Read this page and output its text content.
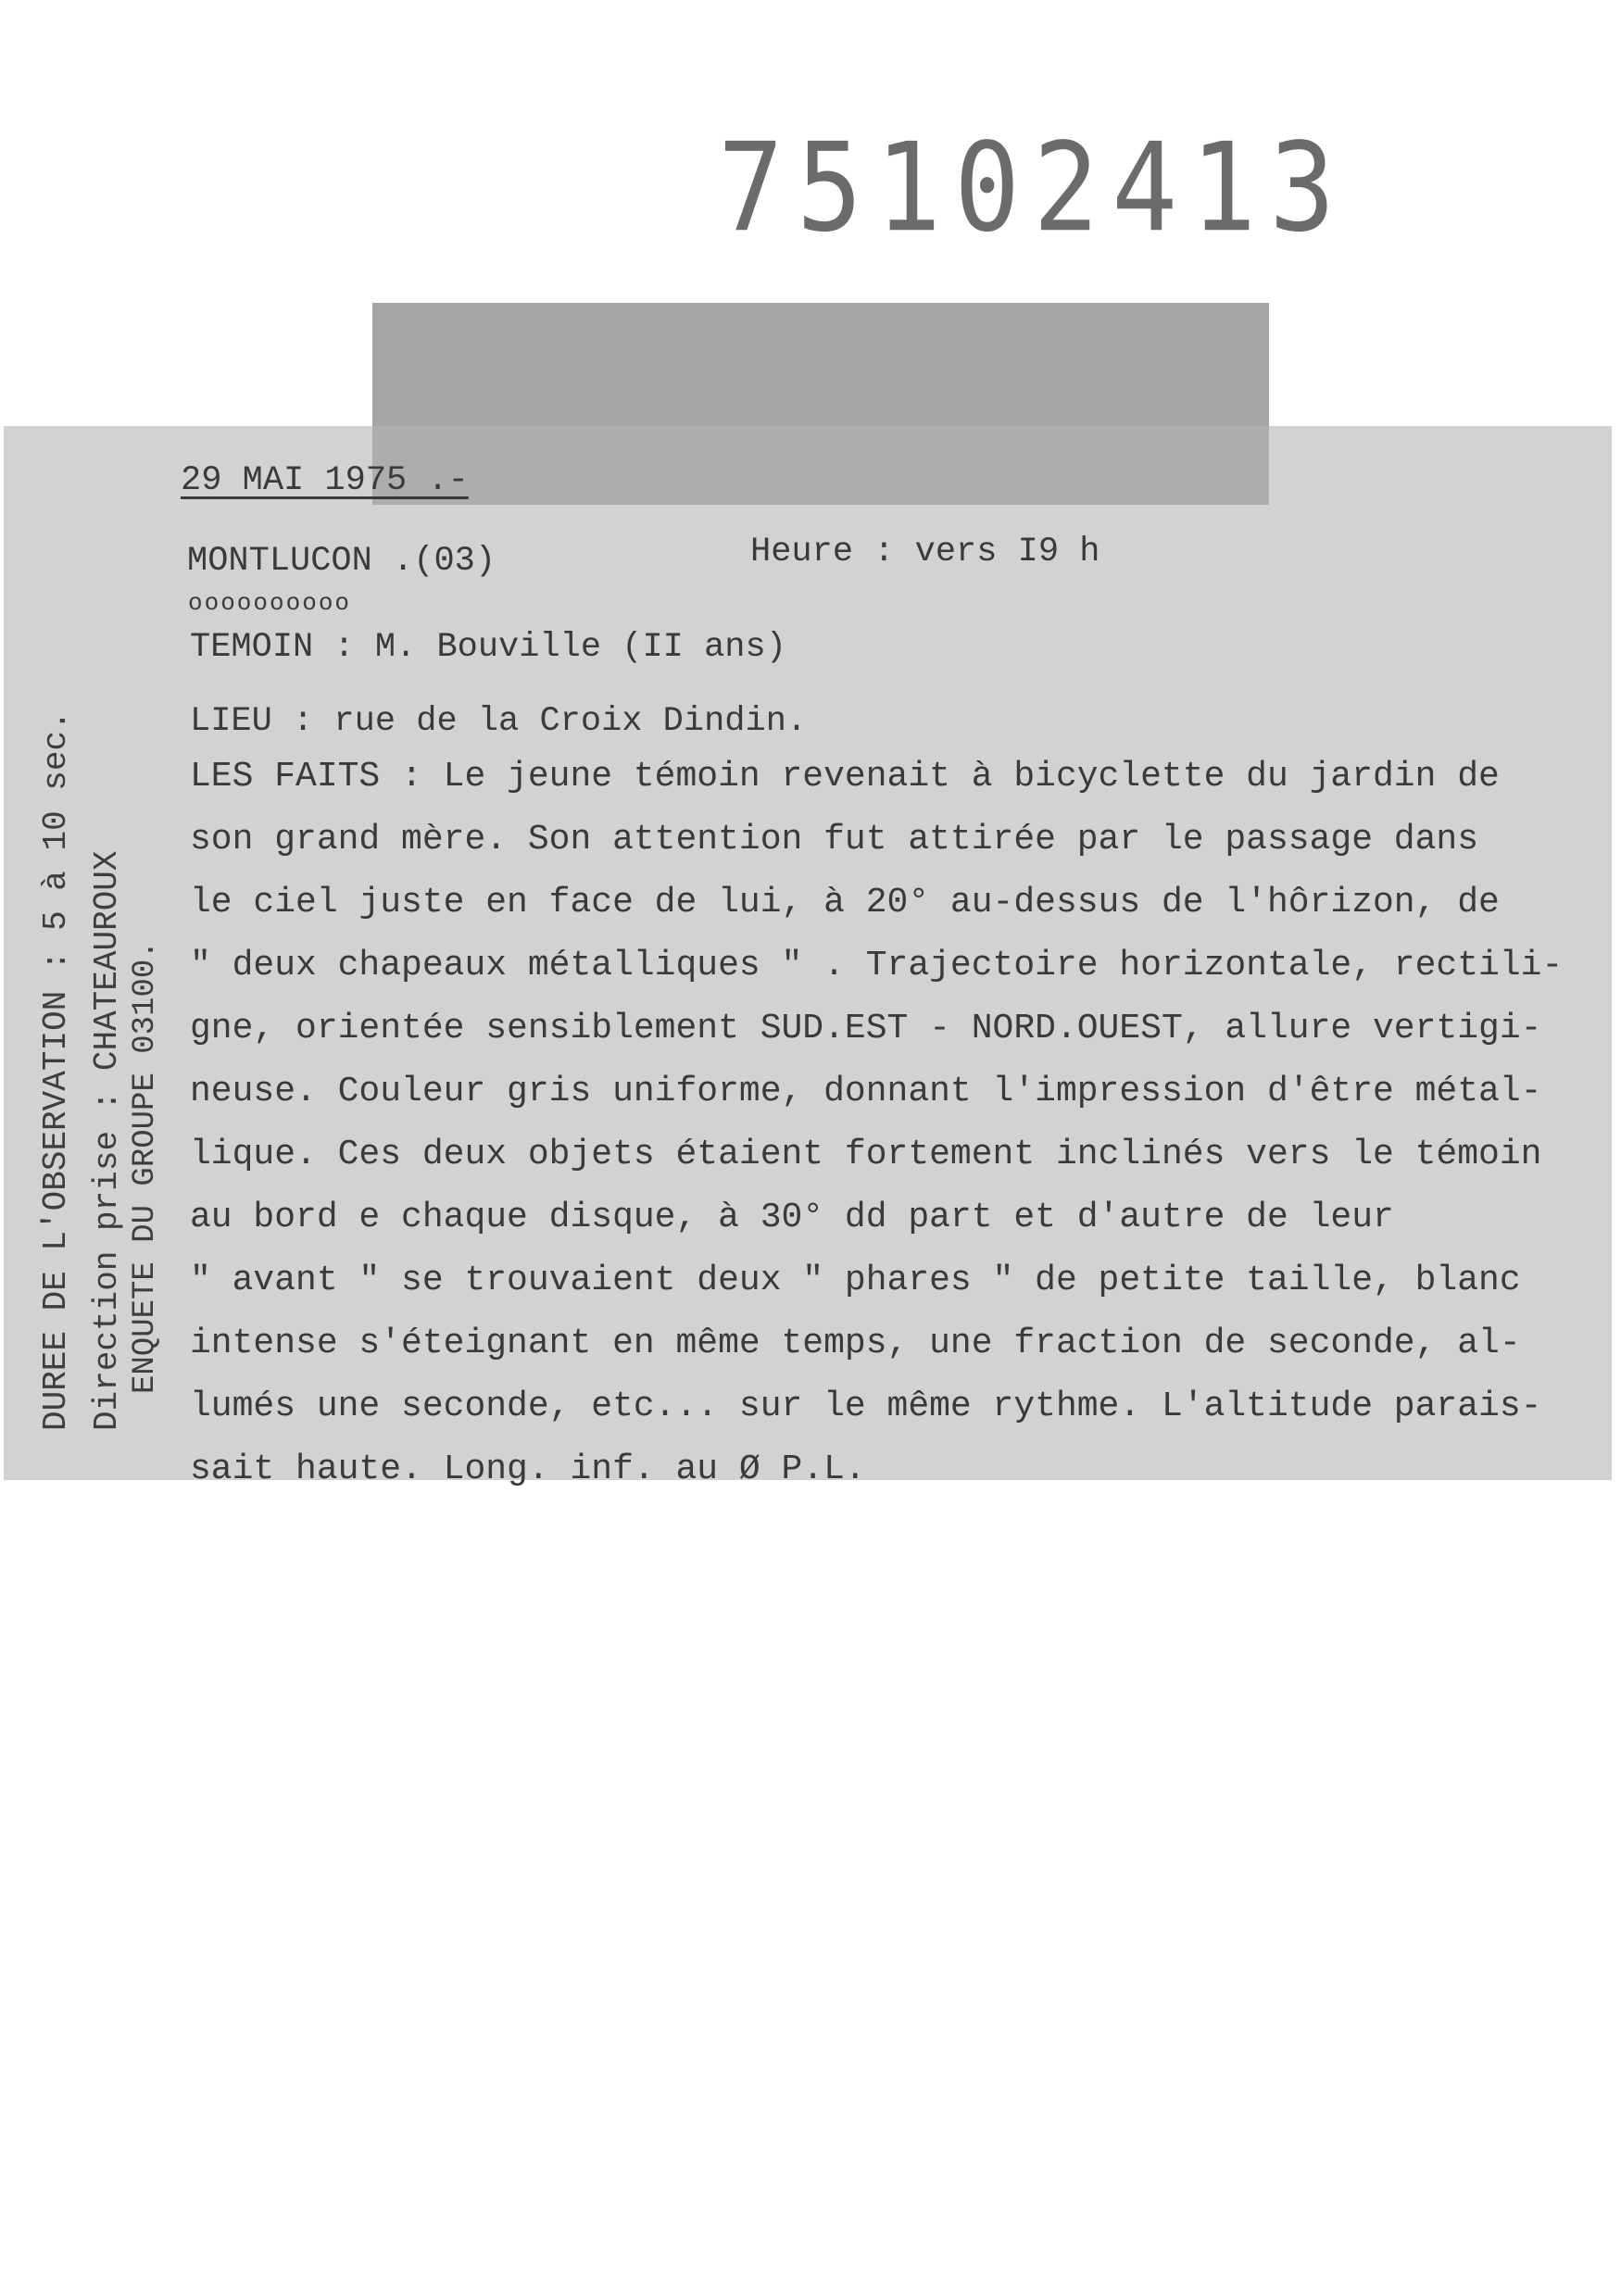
75102413
29 MAI 1975 .-
MONTLUCON .(03)	Heure : vers I9 h
oooooooooo
TEMOIN : M. Bouville (II ans)
LIEU : rue de la Croix Dindin.
LES FAITS : Le jeune témoin revenait à bicyclette du jardin de
son grand mère. Son attention fut attirée par le passage dans
le ciel juste en face de lui, à 20° au-dessus de l'hôrizon, de
" deux chapeaux métalliques " . Trajectoire horizontale, rectili-
gne, orientée sensiblement SUD.EST - NORD.OUEST, allure vertigi-
neuse. Couleur gris uniforme, donnant l'impression d'être métal-
lique. Ces deux objets étaient fortement inclinés vers le témoin
au bord e chaque disque, à 30° dd part et d'autre de leur
" avant " se trouvaient deux " phares " de petite taille, blanc
intense s'éteignant en même temps, une fraction de seconde, al-
lumés une seconde, etc... sur le même rythme. L'altitude parais-
sait haute. Long. inf. au Ø P.L.
DUREE DE L'OBSERVATION : 5 à 10 sec. Direction prise : CHATEAUROUX ENQUETE DU GROUPE 03100.
